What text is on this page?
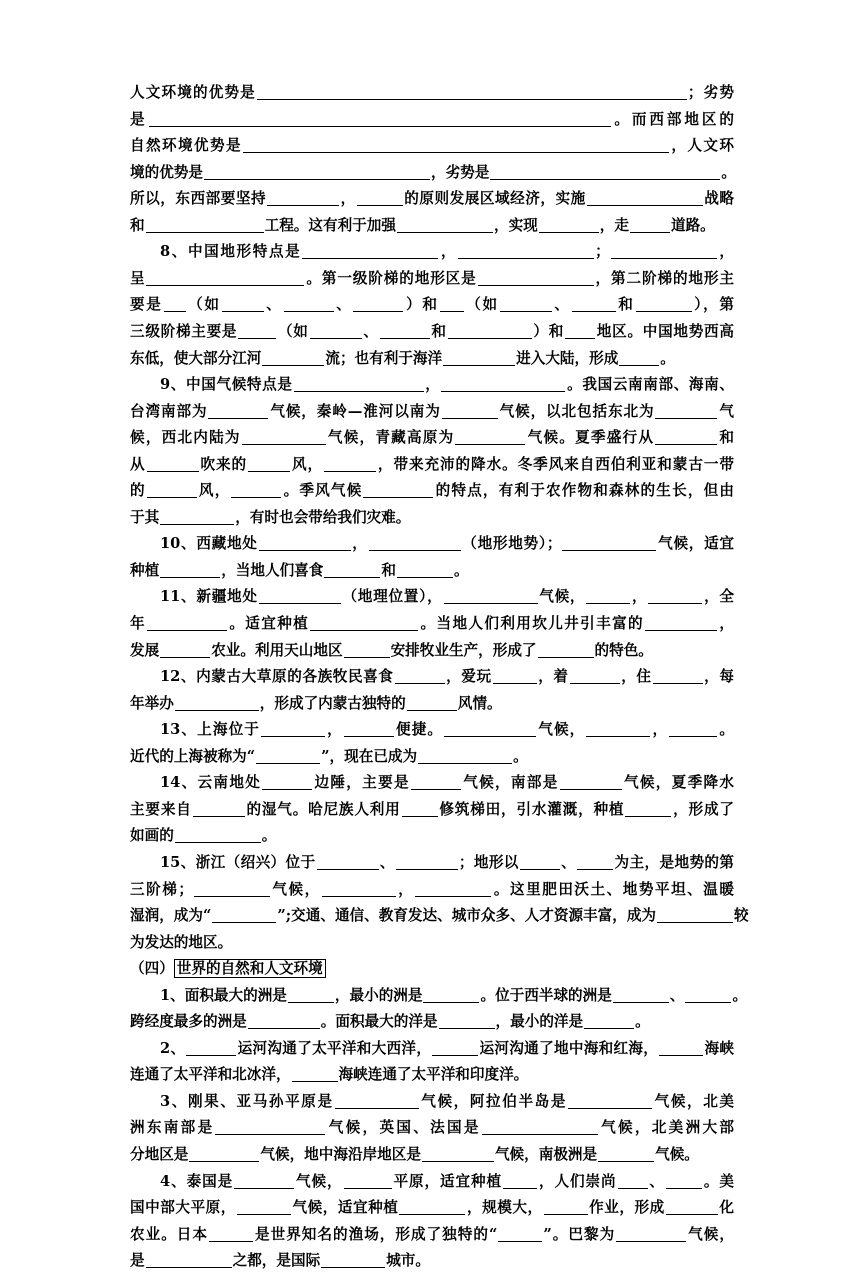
人文环境的优势是	；劣势
是	。而西部地区的
自然环境优势是	，人文环
境的优势是	，劣势是	。
所以，东西部要坚持	，	的原则发展区域经济，实施	战略
和	工程。这有利于加强	，实现	，走	道路。
8、中国地形特点是	，	；	，
呈	。第一级阶梯的地形区是	，第二阶梯的地形主
要是 （如	、	、	）和 （如	、	和	），第
三级阶梯主要是	（如	、	和	）和 地区。中国地势西高
东低，使大部分江河	流；也有利于海洋	进入大陆，形成	。
9、中国气候特点是	，	。我国云南南部、海南、
台湾南部为	气候，秦岭—淮河以南为	气候，以北包括东北为	气
候，西北内陆为	气候，青藏高原为	气候。夏季盛行从	和
从	吹来的	风，	，带来充沛的降水。冬季风来自西伯利亚和蒙古一带
的	风，	。季风气候	的特点，有利于农作物和森林的生长，但由
于其	，有时也会带给我们灾难。
10、西藏地处	，	（地形地势）；	气候，适宜
种植	，当地人们喜食	和	。
11、新疆地处	（地理位置），	气候，	，	，全
年	。适宜种植	。当地人们利用坎儿井引丰富的	，
发展	农业。利用天山地区	安排牧业生产，形成了	的特色。
12、内蒙古大草原的各族牧民喜食	，爱玩	，着	，住	，每
年举办	，形成了内蒙古独特的	风情。
13、上海位于	，	便捷。	气候，	，	。
近代的上海被称为“	”，现在已成为	。
14、云南地处	边陲，主要是	气候，南部是	气候，夏季降水
主要来自	的湿气。哈尼族人利用	修筑梯田，引水灌溉，种植	，形成了
如画的	。
15、浙江（绍兴）位于	、	；地形以	、	为主，是地势的第
三阶梯；	气候，	，	。这里肥田沃土、地势平坦、温暖
湿润，成为“	”;交通、通信、教育发达、城市众多、人才资源丰富，成为	较
为发达的地区。
（四） 世界的自然和人文环境
1、面积最大的洲是	，最小的洲是	。位于西半球的洲是	、	。
跨经度最多的洲是	。面积最大的洋是	，最小的洋是	。
2、	运河沟通了太平洋和大西洋，	运河沟通了地中海和红海，	海峡
连通了太平洋和北冰洋，	海峡连通了太平洋和印度洋。
3、刚果、亚马孙平原是	气候，阿拉伯半岛是	气候，北美
洲东南部是	气候，英国、法国是	气候，北美洲大部
分地区是	气候，地中海沿岸地区是	气候，南极洲是	气候。
4、泰国是	气候，	平原，适宜种植 ，人们崇尚 、	。美
国中部大平原，	气候，适宜种植	，规模大，	作业，形成	化
农业。日本	是世界知名的渔场，形成了独特的“	”。巴黎为	气候，
是	之都，是国际	城市。
